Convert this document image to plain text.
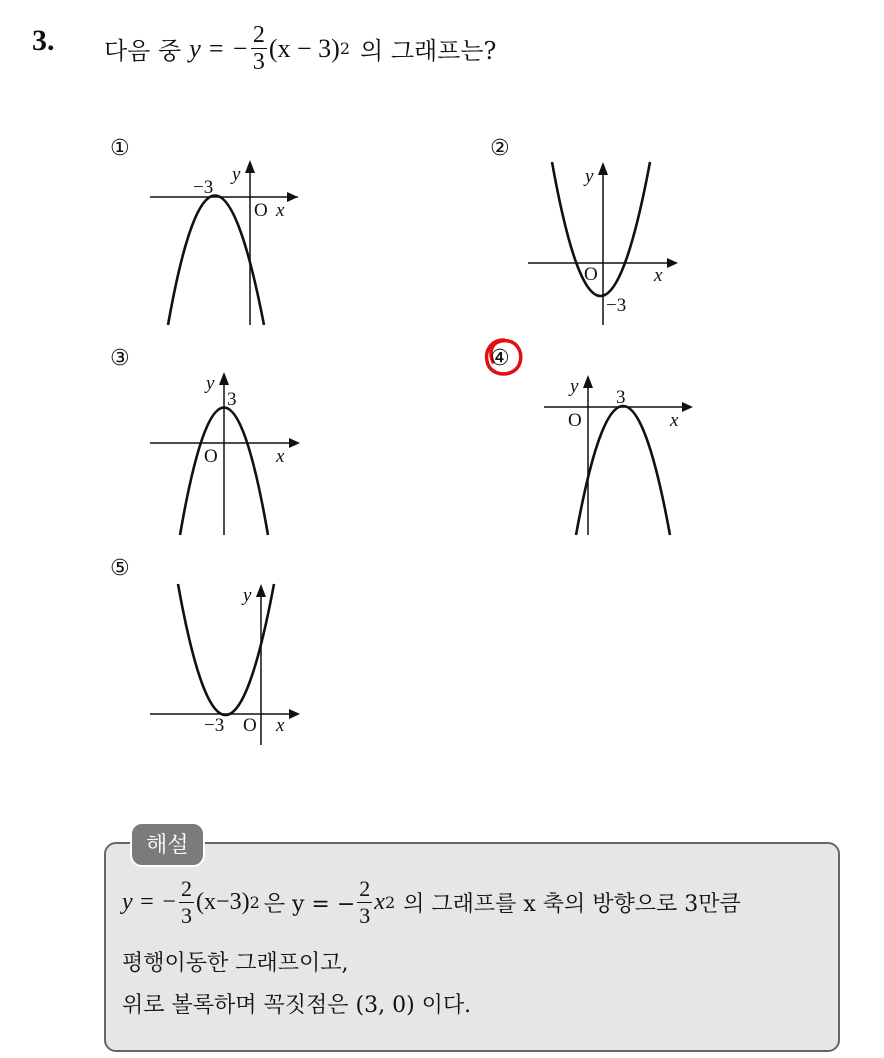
3. 다음 중 y = − $\frac{2}{3} (x - 3)$ 2 의 그래프는?
①
−3
y
O x
②
y
O	x
−3
③
y
3
O	x
④
y
3
O	x
⑤
y
−3 O x
해설
y = − $\frac{2}{3} (x-3)$ 2 은 y = − $\frac{2}{3}$ x 2 의 그래프를 x 축의 방향으로 3만큼
평행이동한 그래프이고,
위로 볼록하며 꼭짓점은 (3, 0) 이다.
